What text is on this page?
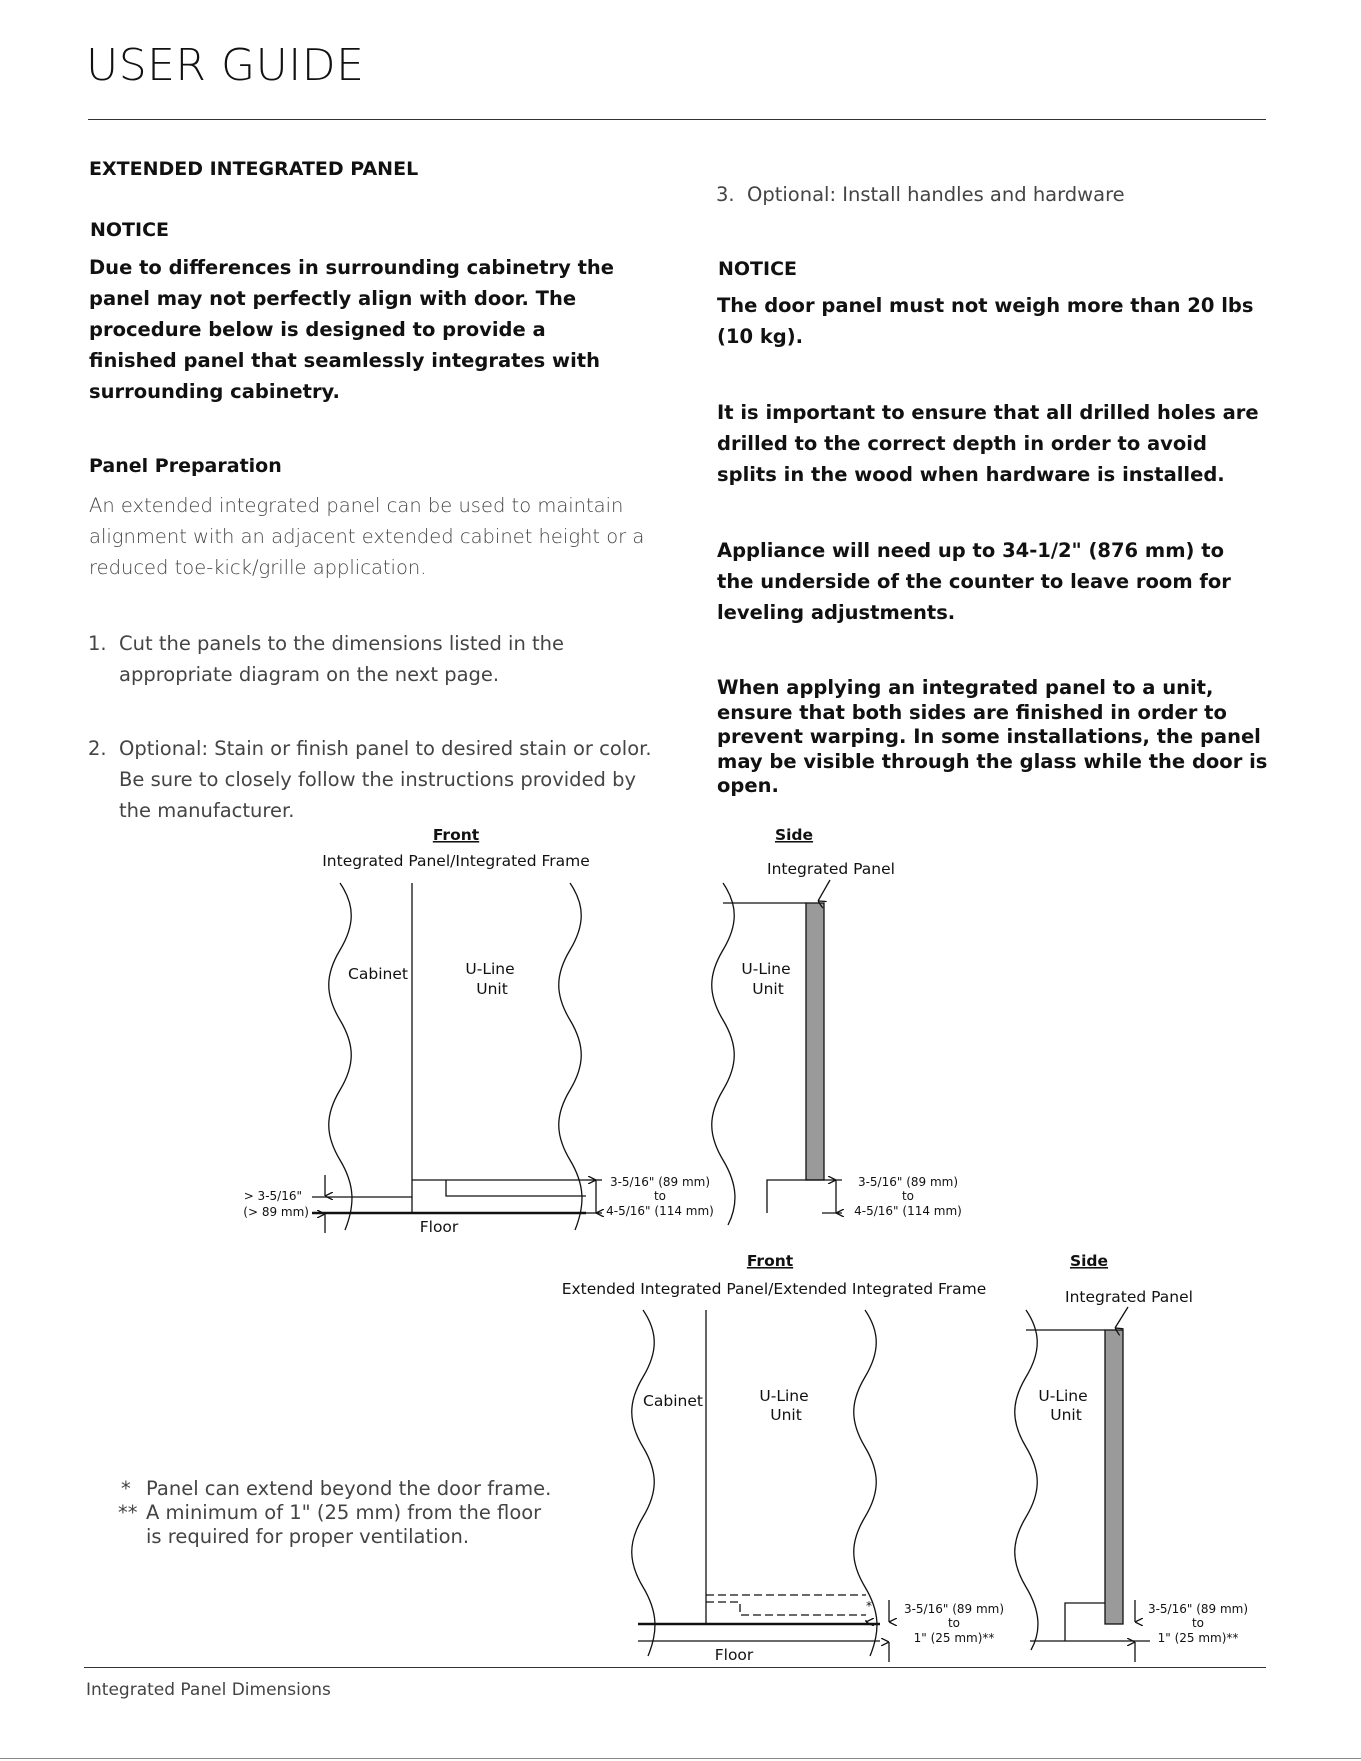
USER GUIDE

EXTENDED INTEGRATED PANEL

NOTICE

Due to differences in surrounding cabinetry the

panel may not perfectly align with door. The

procedure below is designed to provide a

finished panel that seamlessly integrates with

surrounding cabinetry.

Panel Preparation

An extended integrated panel can be used to maintain

alignment with an adjacent extended cabinet height or a

reduced toe-kick/grille application.

1. Cut the panels to the dimensions listed in the
appropriate diagram on the next page.
2. Optional: Stain or finish panel to desired stain or color.
Be sure to closely follow the instructions provided by
the manufacturer.
3. Optional: Install handles and hardware

NOTICE

The door panel must not weigh more than 20 lbs

(10 kg).

It is important to ensure that all drilled holes are

drilled to the correct depth in order to avoid

splits in the wood when hardware is installed.

Appliance will need up to 34-1/2" (876 mm) to

the underside of the counter to leave room for

leveling adjustments.

When applying an integrated panel to a unit,

ensure that both sides are finished in order to

prevent warping. In some installations, the panel

may be visible through the glass while the door is

open.

Front
Integrated Panel/Integrated Frame
Side
Integrated Panel
Cabinet	U-Line
Unit
U-Line
Unit
Floor
> 3-5/16"
(> 89 mm)
3-5/16" (89 mm)
to
4-5/16" (114 mm)
3-5/16" (89 mm)
to
4-5/16" (114 mm)
Front
Extended Integrated Panel/Extended Integrated Frame
Side
Integrated Panel
Cabinet	U-Line
Unit
U-Line
Unit
Floor
*	3-5/16" (89 mm)
to
1" (25 mm)**
3-5/16" (89 mm)
to
1" (25 mm)**
* Panel can extend beyond the door frame.
** A minimum of 1" (25 mm) from the floor
is required for proper ventilation.
Integrated Panel Dimensions
